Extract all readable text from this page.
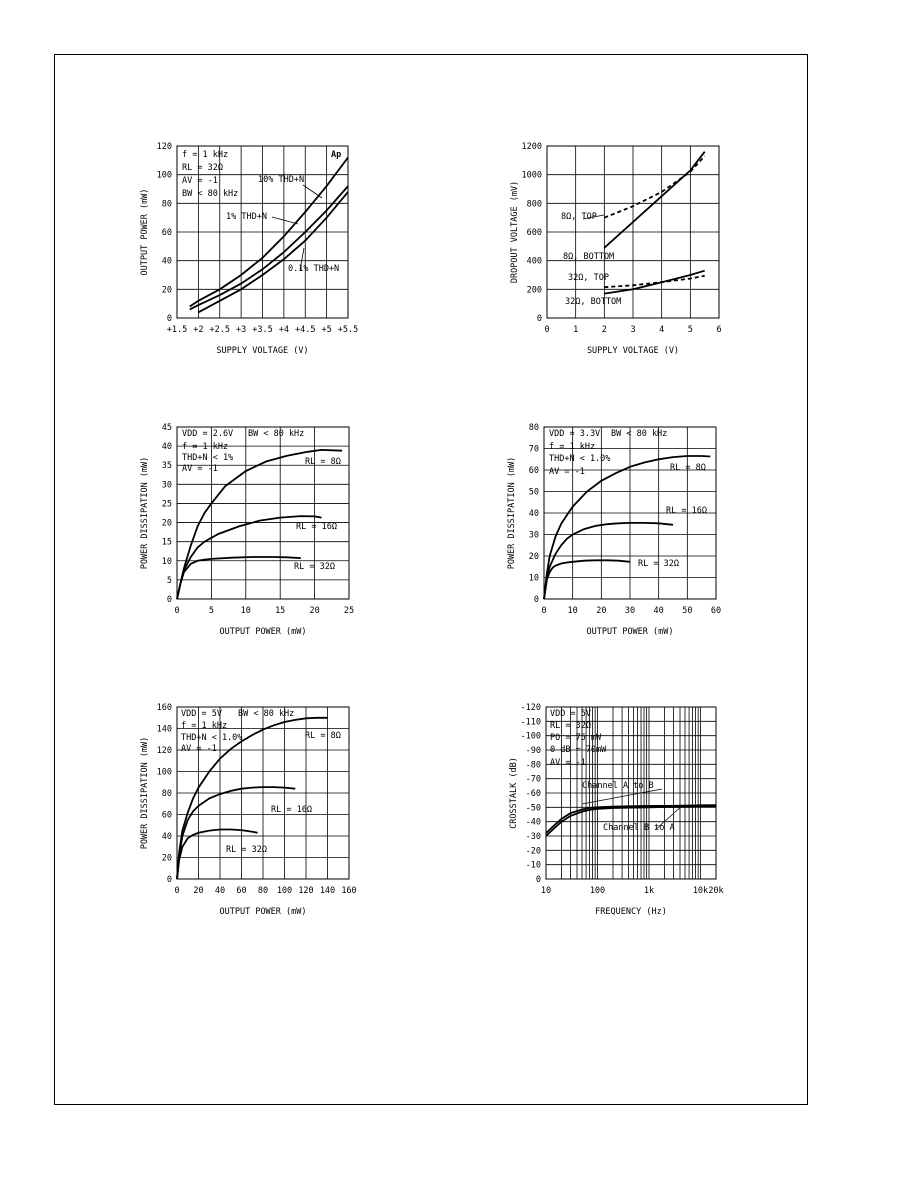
0
20
40
60
80
100
120
+1.5 +2 +2.5 +3 +3.5 +4 +4.5 +5 +5.5
SUPPLY VOLTAGE (V)
OUTPUT POWER (mW)
f = 1 kHz
RL = 32Ω
AV = -1
BW < 80 kHz
10% THD+N
1% THD+N
0.1% THD+N
Ap
0
200
400
600
800
1000
1200
0	1	2	3	4	5	6
SUPPLY VOLTAGE (V)
DROPOUT VOLTAGE (mV)	8Ω, TOP
8Ω, BOTTOM
32Ω, TOP
32Ω, BOTTOM
0
5
10
15
20
25
30
35
40
45
0	5	10	15	20	25
OUTPUT POWER (mW)
POWER DISSIPATION (mW)
VDD = 2.6V
f = 1 kHz
THD+N < 1%
AV = -1
BW < 80 kHz
RL = 8Ω
RL = 16Ω
RL = 32Ω
0
10
20
30
40
50
60
70
80
0 10 20 30 40 50 60
OUTPUT POWER (mW)
POWER DISSIPATION (mW)
VDD = 3.3V
f = 1 kHz
THD+N < 1.0%
AV = -1
BW < 80 kHz
RL = 8Ω
RL = 16Ω
RL = 32Ω
0
20
40
60
80
100
120
140
160
0 20 40 60 80 100 120 140 160
OUTPUT POWER (mW)
POWER DISSIPATION (mW)
VDD = 5V
f = 1 kHz
THD+N < 1.0%
AV = -1
BW < 80 kHz
RL = 8Ω
RL = 16Ω
RL = 32Ω
0
-10
-20
-30
-40
-50
-60
-70
-80
-90
-100
-110
-120
10	100	1k	10k 20k
FREQUENCY (Hz)
CROSSTALK (dB)
VDD = 5V
RL = 32Ω
PO = 75 mW
0 dB = 70mW
AV = -1
Channel A to B
Channel B to A
